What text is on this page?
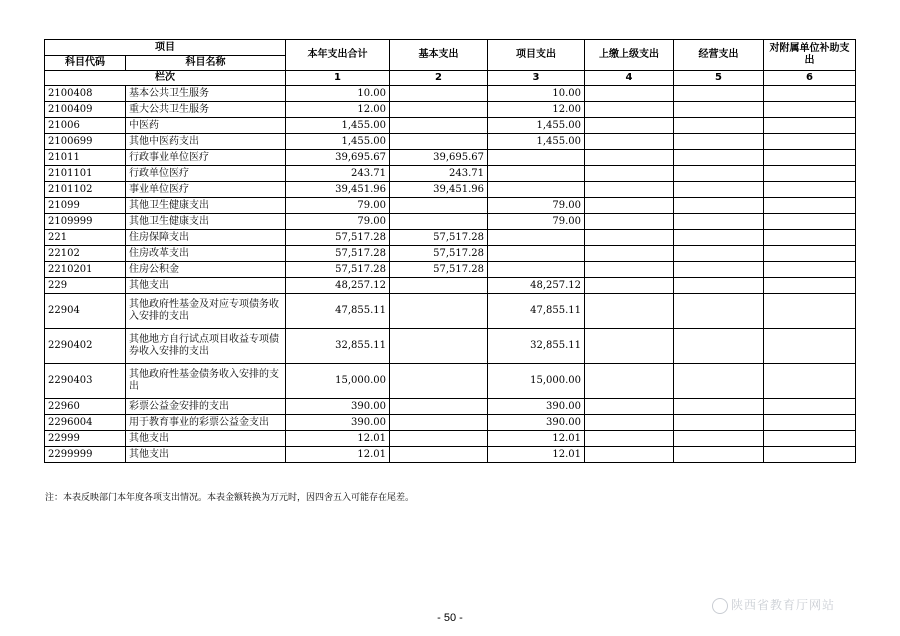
项目		本年支出合计	基本支出	项目支出	上缴上级支出	经营支出	对附属单位补助支出
科目代码	科目名称						
栏次		1	2	3	4	5	6
2100408	基本公共卫生服务	10.00		10.00			
2100409	重大公共卫生服务	12.00		12.00			
21006	中医药	1,455.00		1,455.00			
2100699	其他中医药支出	1,455.00		1,455.00			
21011	行政事业单位医疗	39,695.67	39,695.67				
2101101	行政单位医疗	243.71	243.71				
2101102	事业单位医疗	39,451.96	39,451.96				
21099	其他卫生健康支出	79.00		79.00			
2109999	其他卫生健康支出	79.00		79.00			
221	住房保障支出	57,517.28	57,517.28				
22102	住房改革支出	57,517.28	57,517.28				
2210201	住房公积金	57,517.28	57,517.28				
229	其他支出	48,257.12		48,257.12			
22904	其他政府性基金及对应专项债务收入安排的支出	47,855.11		47,855.11			
2290402	其他地方自行试点项目收益专项债券收入安排的支出	32,855.11		32,855.11			
2290403	其他政府性基金债务收入安排的支出	15,000.00		15,000.00			
22960	彩票公益金安排的支出	390.00		390.00			
2296004	用于教育事业的彩票公益金支出	390.00		390.00			
22999	其他支出	12.01		12.01			
2299999	其他支出	12.01		12.01			
注：本表反映部门本年度各项支出情况。本表金额转换为万元时，因四舍五入可能存在尾差。
- 50 -
陕西省教育厅网站
